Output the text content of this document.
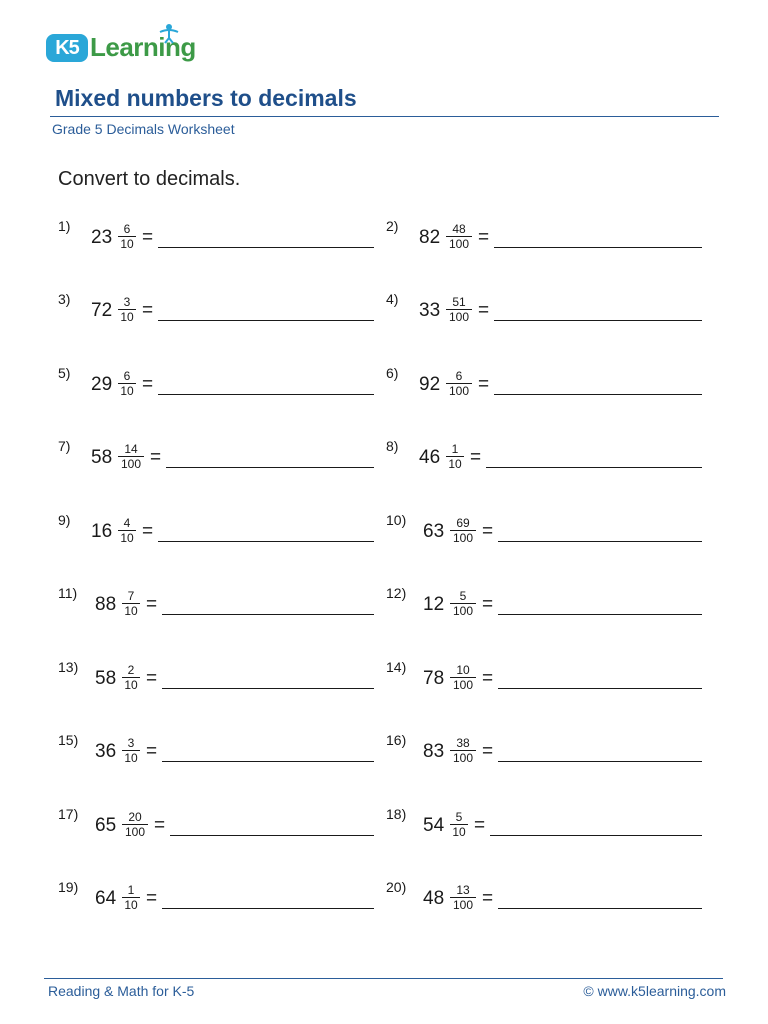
K5 Learning
Mixed numbers to decimals
Grade 5 Decimals Worksheet
Convert to decimals.
1)
23 6
10 =
2)
82	48
100 =
3)
72 3
10 =
4)
33	51
100 =
5)
29 6
10 =
6)
92	6
100 =
7)
58	14
100 =
8)
46 1
10 =
9)
16 4
10 =
10)
63	69
100 =
11)
88 7
10 =
12)
12	5
100 =
13)
58 2
10 =
14)
78	10
100 =
15)
36 3
10 =
16)
83	38
100 =
17)
65	20
100 =
18)
54 5
10 =
19)
64 1
10 =
20)
48	13
100 =
Reading & Math for K-5	© www.k5learning.com
